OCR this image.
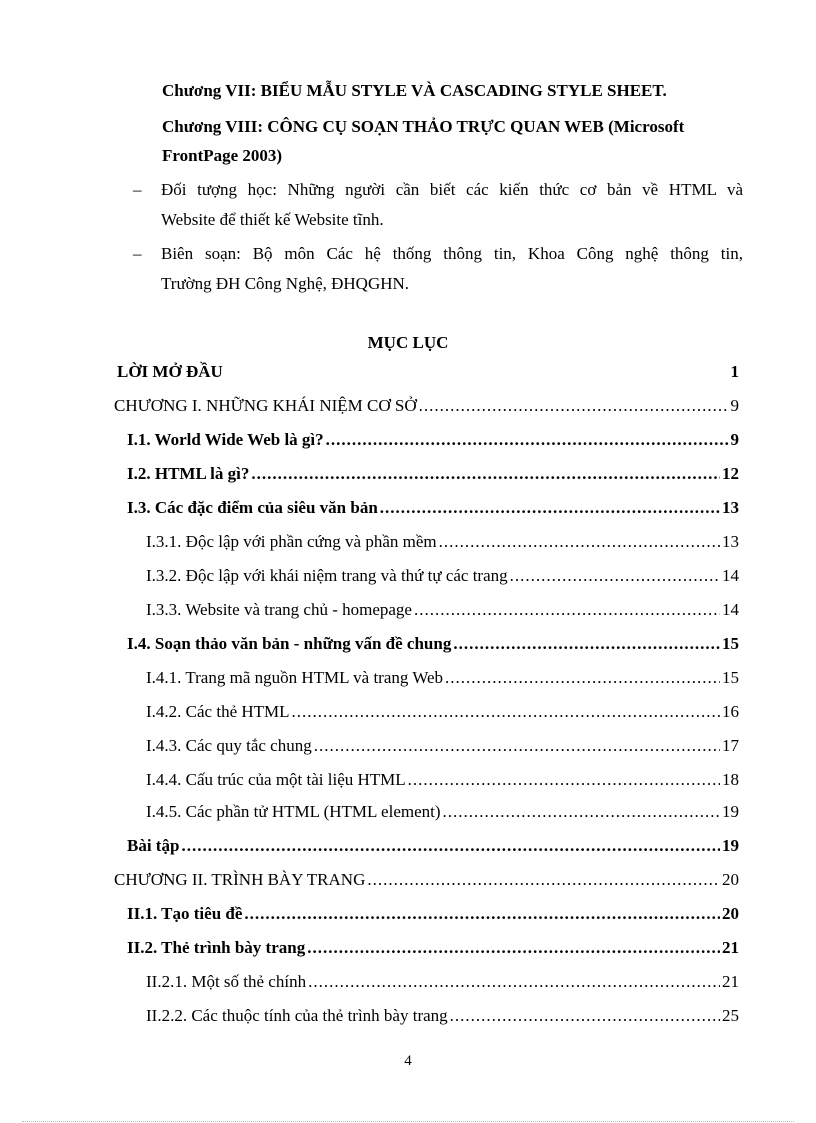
Chương VII: BIỂU MẪU STYLE VÀ CASCADING STYLE SHEET.
Chương VIII: CÔNG CỤ SOẠN THẢO TRỰC QUAN WEB (Microsoft
FrontPage 2003)
– Đối tượng học: Những người cần biết các kiến thức cơ bản về HTML và
Website để thiết kế Website tĩnh.
– Biên soạn: Bộ môn Các hệ thống thông tin, Khoa Công nghệ thông tin,
Trường ĐH Công Nghệ, ĐHQGHN.
MỤC LỤC
LỜI MỞ ĐẦU	1
CHƯƠNG I. NHỮNG KHÁI NIỆM CƠ SỞ .....	9
I.1. World Wide Web là gì? .....	9
I.2. HTML là gì? .....	12
I.3. Các đặc điểm của siêu văn bản .....	13
I.3.1. Độc lập với phần cứng và phần mềm .....	13
I.3.2. Độc lập với khái niệm trang và thứ tự các trang .....	14
I.3.3. Website và trang chủ - homepage .....	14
I.4. Soạn thảo văn bản - những vấn đề chung .....	15
I.4.1. Trang mã nguồn HTML và trang Web .....	15
I.4.2. Các thẻ HTML .....	16
I.4.3. Các quy tắc chung .....	17
I.4.4. Cấu trúc của một tài liệu HTML .....	18
I.4.5. Các phần tử HTML (HTML element) .....	19
Bài tập .....	19
CHƯƠNG II. TRÌNH BÀY TRANG .....	20
II.1. Tạo tiêu đề .....	20
II.2. Thẻ trình bày trang .....	21
II.2.1. Một số thẻ chính .....	21
II.2.2. Các thuộc tính của thẻ trình bày trang .....	25
4
